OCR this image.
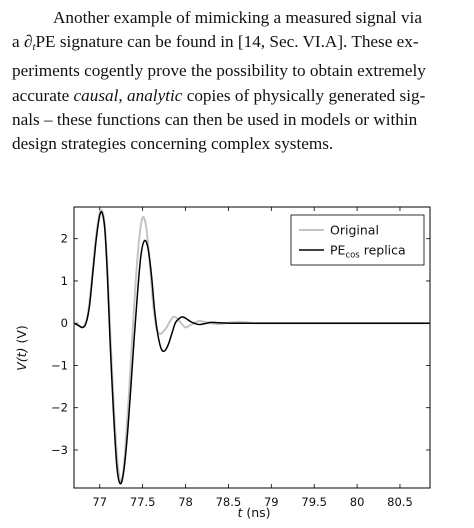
Another example of mimicking a measured signal via
a $\partial_tPE$ signature can be found in [14, Sec. VI.A]. These ex-
periments cogently prove the possibility to obtain extremely
accurate causal, analytic copies of physically generated sig-
nals – these functions can then be used in models or within
design strategies concerning complex systems.

77 77.5 78 78.5 79 79.5 80 80.5
−3
−2
−1
0
1
2
V(t)(V)
t (ns)
Original
$PE_{cos}$ replica
